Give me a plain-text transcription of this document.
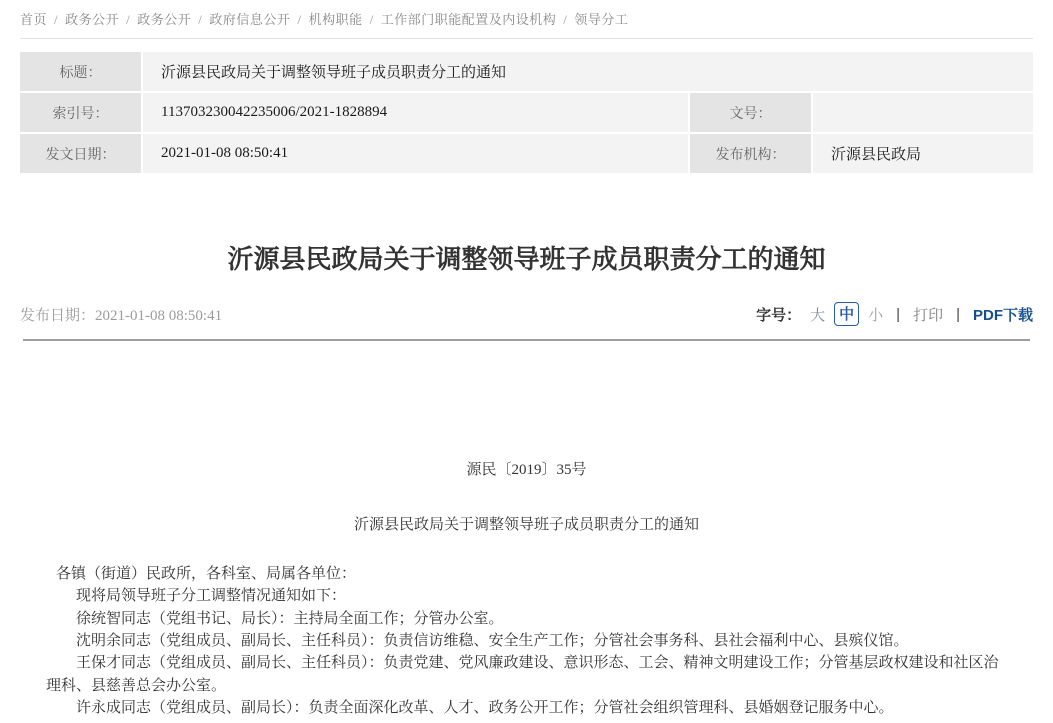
首页 / 政务公开 / 政务公开 / 政府信息公开 / 机构职能 / 工作部门职能配置及内设机构 / 领导分工
标题：	沂源县民政局关于调整领导班子成员职责分工的通知
索引号：	113703230042235006/2021-1828894	文号：
发文日期：	2021-01-08 08:50:41	发布机构：	沂源县民政局
沂源县民政局关于调整领导班子成员职责分工的通知
发布日期：2021-01-08 08:50:41	字号： 大 中 小 | 打印 | PDF下载

源民〔2019〕35号

沂源县民政局关于调整领导班子成员职责分工的通知

各镇（街道）民政所，各科室、局属各单位：

现将局领导班子分工调整情况通知如下：

徐统智同志（党组书记、局长）：主持局全面工作；分管办公室。

沈明余同志（党组成员、副局长、主任科员）：负责信访维稳、安全生产工作；分管社会事务科、县社会福利中心、县殡仪馆。

王保才同志（党组成员、副局长、主任科员）：负责党建、党风廉政建设、意识形态、工会、精神文明建设工作；分管基层政权建设和社区治理科、县慈善总会办公室。

许永成同志（党组成员、副局长）：负责全面深化改革、人才、政务公开工作；分管社会组织管理科、县婚姻登记服务中心。
